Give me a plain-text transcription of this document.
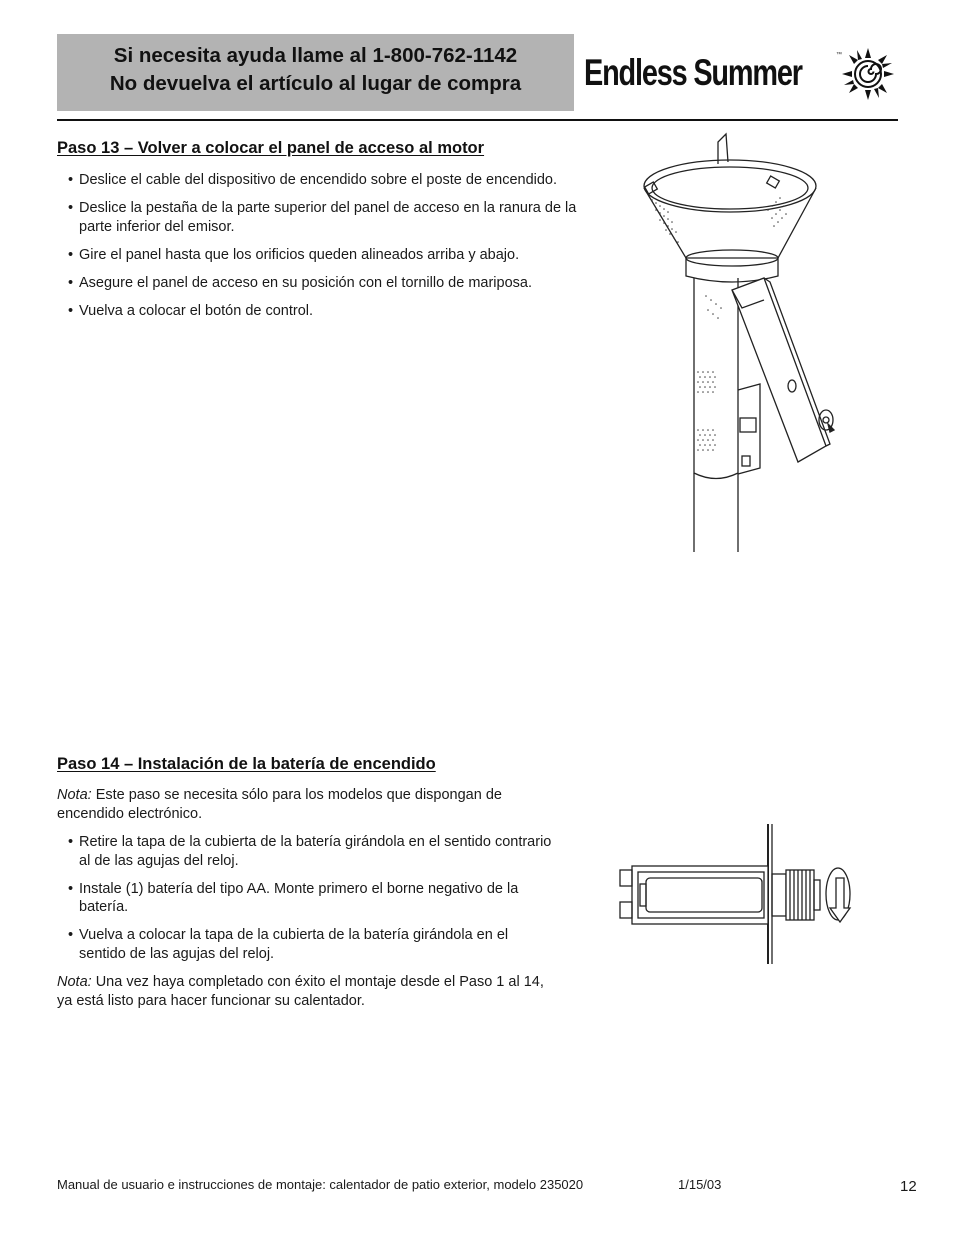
Si necesita ayuda llame al 1-800-762-1142
No devuelva el artículo al lugar de compra	Endless Summer	™
Paso 13 – Volver a colocar el panel de acceso al motor
• Deslice el cable del dispositivo de encendido sobre el poste de encendido.
• Deslice la pestaña de la parte superior del panel de acceso en la ranura de la parte inferior del emisor.
• Gire el panel hasta que los orificios queden alineados arriba y abajo.
• Asegure el panel de acceso en su posición con el tornillo de mariposa.
• Vuelva a colocar el botón de control.
Paso 14 – Instalación de la batería de encendido

Nota: Este paso se necesita sólo para los modelos que dispongan de encendido electrónico.

• Retire la tapa de la cubierta de la batería girándola en el sentido contrario al de las agujas del reloj.
• Instale (1) batería del tipo AA. Monte primero el borne negativo de la batería.
• Vuelva a colocar la tapa de la cubierta de la batería girándola en el sentido de las agujas del reloj.

Nota: Una vez haya completado con éxito el montaje desde el Paso 1 al 14, ya está listo para hacer funcionar su calentador.

Manual de usuario e instrucciones de montaje: calentador de patio exterior, modelo 235020	1/15/03	12
